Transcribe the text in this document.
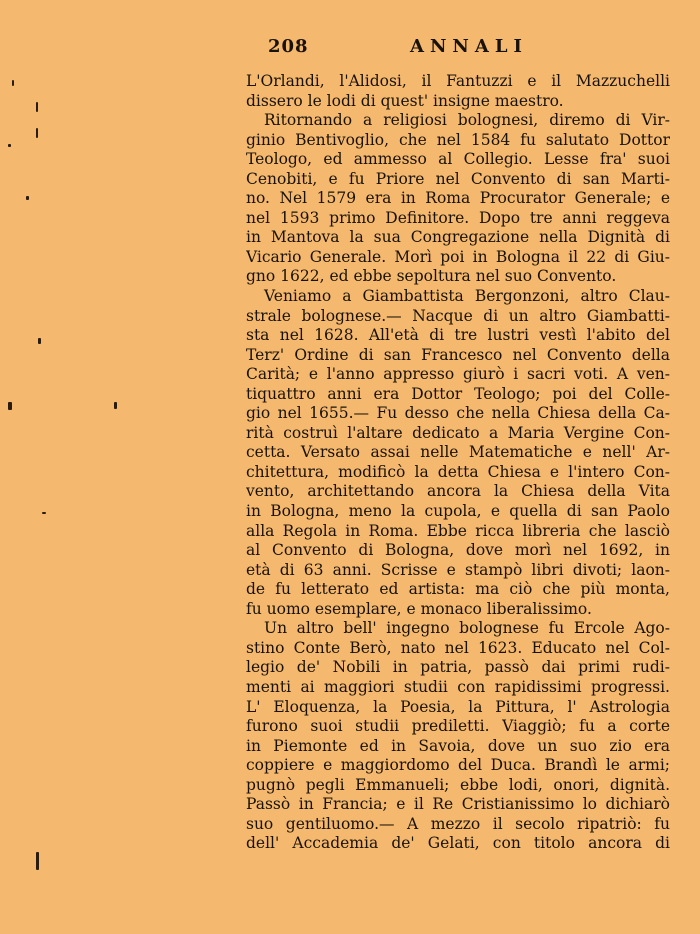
208	ANNALI
L'Orlandi, l'Alidosi, il Fantuzzi e il Mazzuchelli
dissero le lodi di quest' insigne maestro.
Ritornando a religiosi bolognesi, diremo di Vir-
ginio Bentivoglio, che nel 1584 fu salutato Dottor
Teologo, ed ammesso al Collegio. Lesse fra' suoi
Cenobiti, e fu Priore nel Convento di san Marti-
no. Nel 1579 era in Roma Procurator Generale; e
nel 1593 primo Definitore. Dopo tre anni reggeva
in Mantova la sua Congregazione nella Dignità di
Vicario Generale. Morì poi in Bologna il 22 di Giu-
gno 1622, ed ebbe sepoltura nel suo Convento.
Veniamo a Giambattista Bergonzoni, altro Clau-
strale bolognese.— Nacque di un altro Giambatti-
sta nel 1628. All'età di tre lustri vestì l'abito del
Terz' Ordine di san Francesco nel Convento della
Carità; e l'anno appresso giurò i sacri voti. A ven-
tiquattro anni era Dottor Teologo; poi del Colle-
gio nel 1655.— Fu desso che nella Chiesa della Ca-
rità costruì l'altare dedicato a Maria Vergine Con-
cetta. Versato assai nelle Matematiche e nell' Ar-
chitettura, modificò la detta Chiesa e l'intero Con-
vento, architettando ancora la Chiesa della Vita
in Bologna, meno la cupola, e quella di san Paolo
alla Regola in Roma. Ebbe ricca libreria che lasciò
al Convento di Bologna, dove morì nel 1692, in
età di 63 anni. Scrisse e stampò libri divoti; laon-
de fu letterato ed artista: ma ciò che più monta,
fu uomo esemplare, e monaco liberalissimo.
Un altro bell' ingegno bolognese fu Ercole Ago-
stino Conte Berò, nato nel 1623. Educato nel Col-
legio de' Nobili in patria, passò dai primi rudi-
menti ai maggiori studii con rapidissimi progressi.
L' Eloquenza, la Poesia, la Pittura, l' Astrologia
furono suoi studii prediletti. Viaggiò; fu a corte
in Piemonte ed in Savoia, dove un suo zio era
coppiere e maggiordomo del Duca. Brandì le armi;
pugnò pegli Emmanueli; ebbe lodi, onori, dignità.
Passò in Francia; e il Re Cristianissimo lo dichiarò
suo gentiluomo.— A mezzo il secolo ripatriò: fu
dell' Accademia de' Gelati, con titolo ancora di
